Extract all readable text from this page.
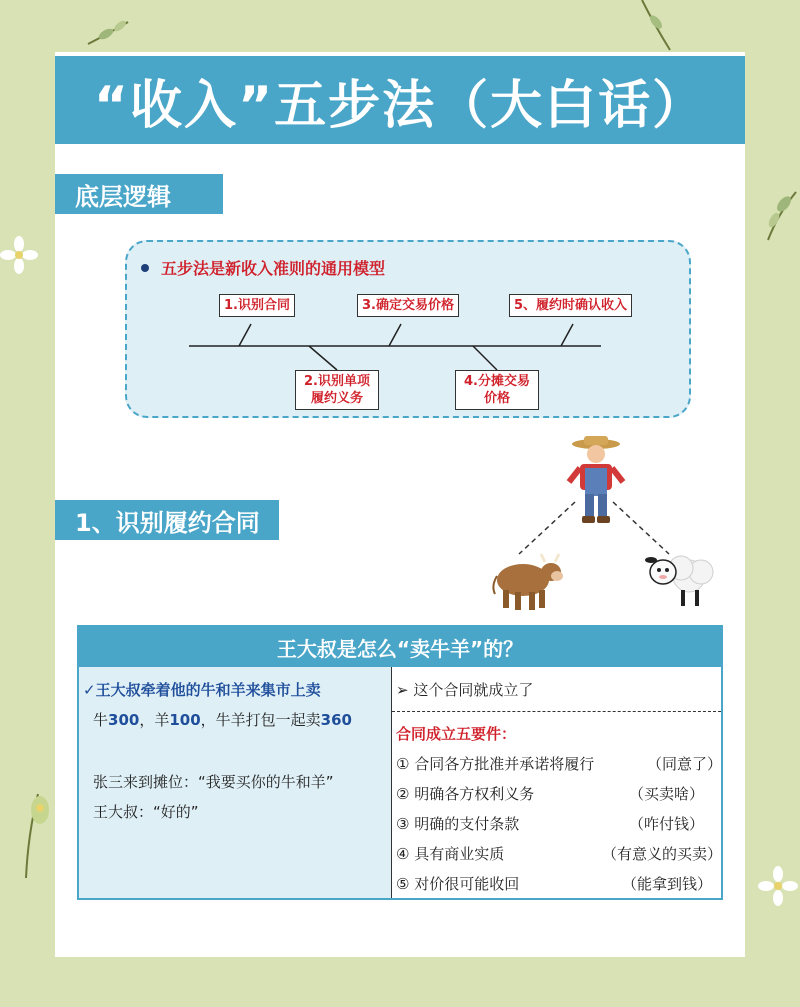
“收入”五步法（大白话）
底层逻辑
五步法是新收入准则的通用模型
1.识别合同	3.确定交易价格	5、履约时确认收入
2.识别单项
履约义务
4.分摊交易
价格
1、识别履约合同
王大叔是怎么“卖牛羊”的？
✓王大叔牵着他的牛和羊来集市上卖
牛300，羊100，牛羊打包一起卖360
张三来到摊位：“我要买你的牛和羊”
王大叔：“好的”
➢ 这个合同就成立了
合同成立五要件：
① 合同各方批准并承诺将履行	（同意了）
② 明确各方权利义务	（买卖啥）
③ 明确的支付条款	（咋付钱）
④ 具有商业实质	（有意义的买卖）
⑤ 对价很可能收回	（能拿到钱）
